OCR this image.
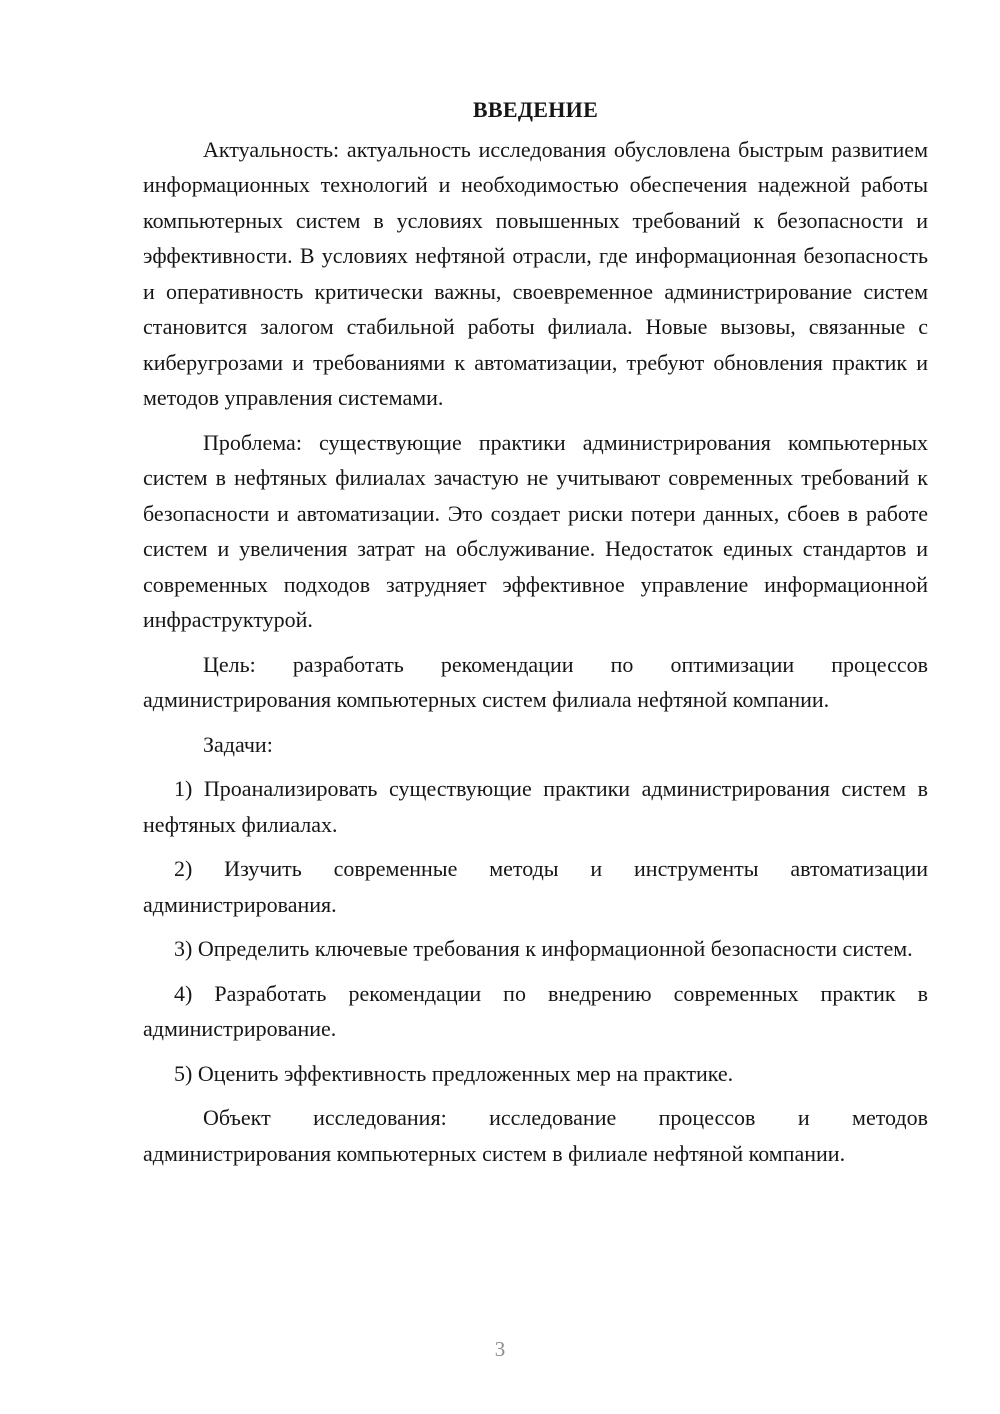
ВВЕДЕНИЕ

Актуальность: актуальность исследования обусловлена быстрым развитием информационных технологий и необходимостью обеспечения надежной работы компьютерных систем в условиях повышенных требований к безопасности и эффективности. В условиях нефтяной отрасли, где информационная безопасность и оперативность критически важны, своевременное администрирование систем становится залогом стабильной работы филиала. Новые вызовы, связанные с киберугрозами и требованиями к автоматизации, требуют обновления практик и методов управления системами.

Проблема: существующие практики администрирования компьютерных систем в нефтяных филиалах зачастую не учитывают современных требований к безопасности и автоматизации. Это создает риски потери данных, сбоев в работе систем и увеличения затрат на обслуживание. Недостаток единых стандартов и современных подходов затрудняет эффективное управление информационной инфраструктурой.

Цель: разработать рекомендации по оптимизации процессов администрирования компьютерных систем филиала нефтяной компании.

Задачи:

1) Проанализировать существующие практики администрирования систем в нефтяных филиалах.

2) Изучить современные методы и инструменты автоматизации администрирования.

3) Определить ключевые требования к информационной безопасности систем.

4) Разработать рекомендации по внедрению современных практик в администрирование.

5) Оценить эффективность предложенных мер на практике.

Объект исследования: исследование процессов и методов администрирования компьютерных систем в филиале нефтяной компании.

3
